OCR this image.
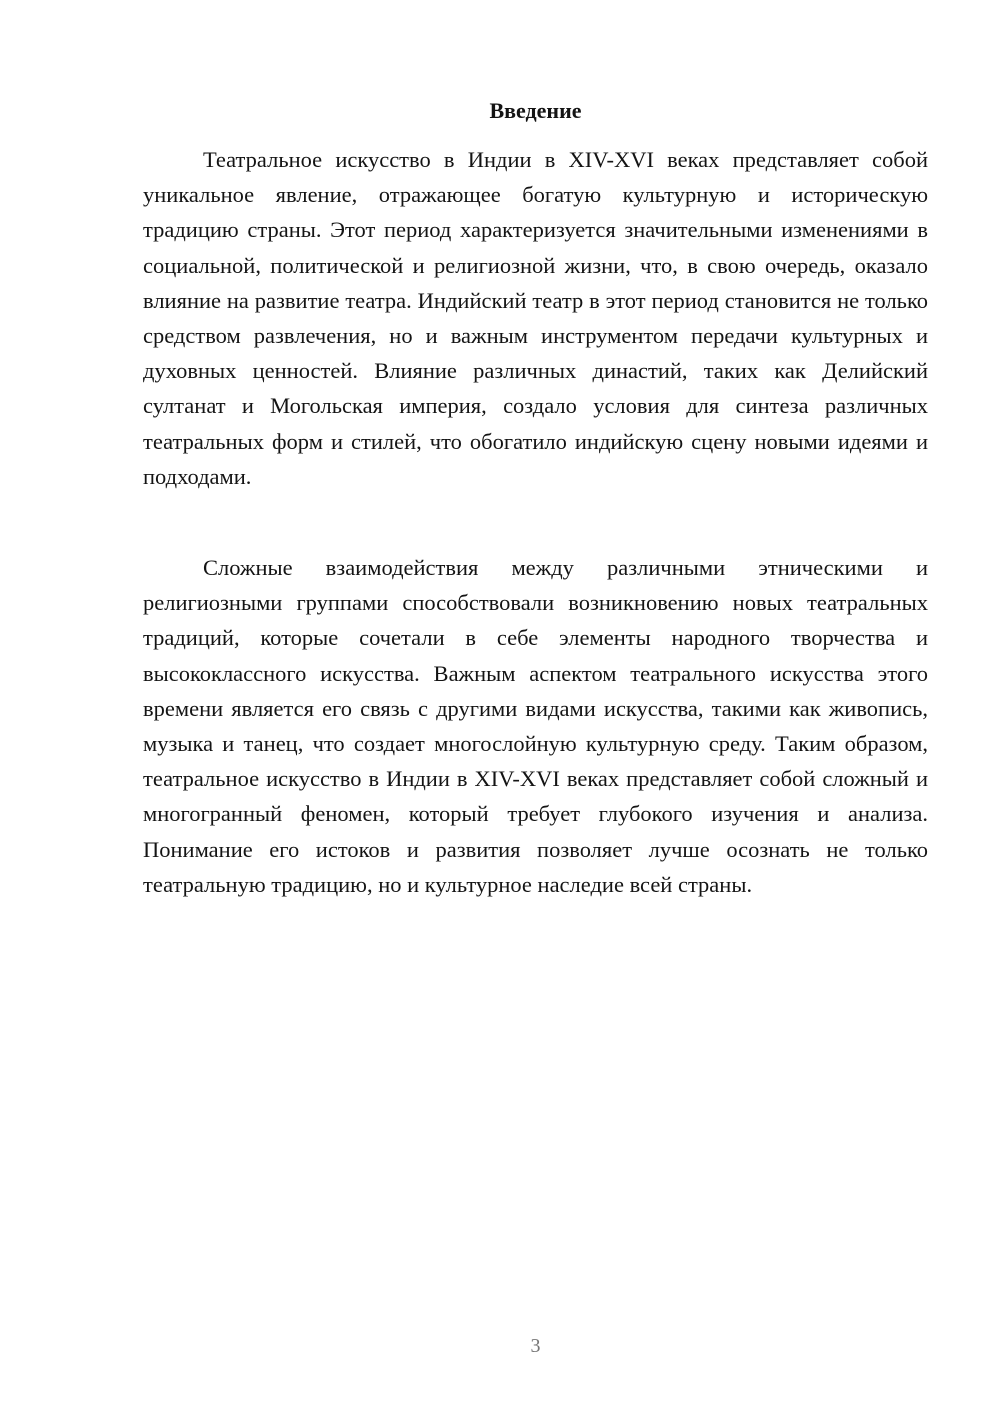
Введение

Театральное искусство в Индии в XIV-XVI веках представляет собой уникальное явление, отражающее богатую культурную и историческую традицию страны. Этот период характеризуется значительными изменениями в социальной, политической и религиозной жизни, что, в свою очередь, оказало влияние на развитие театра. Индийский театр в этот период становится не только средством развлечения, но и важным инструментом передачи культурных и духовных ценностей. Влияние различных династий, таких как Делийский султанат и Могольская империя, создало условия для синтеза различных театральных форм и стилей, что обогатило индийскую сцену новыми идеями и подходами.

Сложные взаимодействия между различными этническими и религиозными группами способствовали возникновению новых театральных традиций, которые сочетали в себе элементы народного творчества и высококлассного искусства. Важным аспектом театрального искусства этого времени является его связь с другими видами искусства, такими как живопись, музыка и танец, что создает многослойную культурную среду. Таким образом, театральное искусство в Индии в XIV-XVI веках представляет собой сложный и многогранный феномен, который требует глубокого изучения и анализа. Понимание его истоков и развития позволяет лучше осознать не только театральную традицию, но и культурное наследие всей страны.

3
